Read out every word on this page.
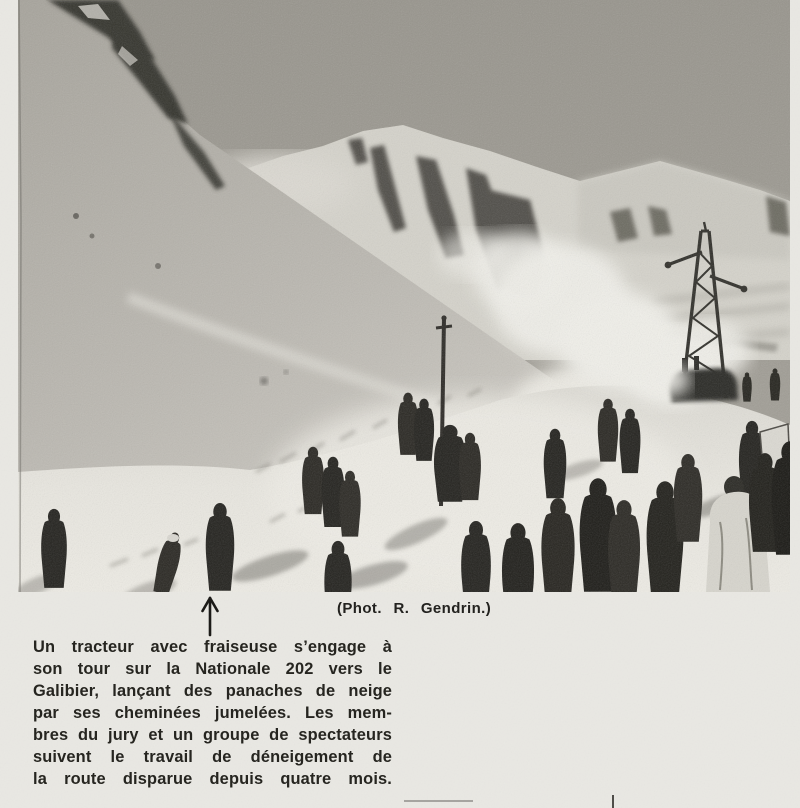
(Phot. R. Gendrin.)
Un tracteur avec fraiseuse s’engage à
son tour sur la Nationale 202 vers le
Galibier, lançant des panaches de neige
par ses cheminées jumelées. Les mem-
bres du jury et un groupe de spectateurs
suivent le travail de déneigement de
la route disparue depuis quatre mois.
